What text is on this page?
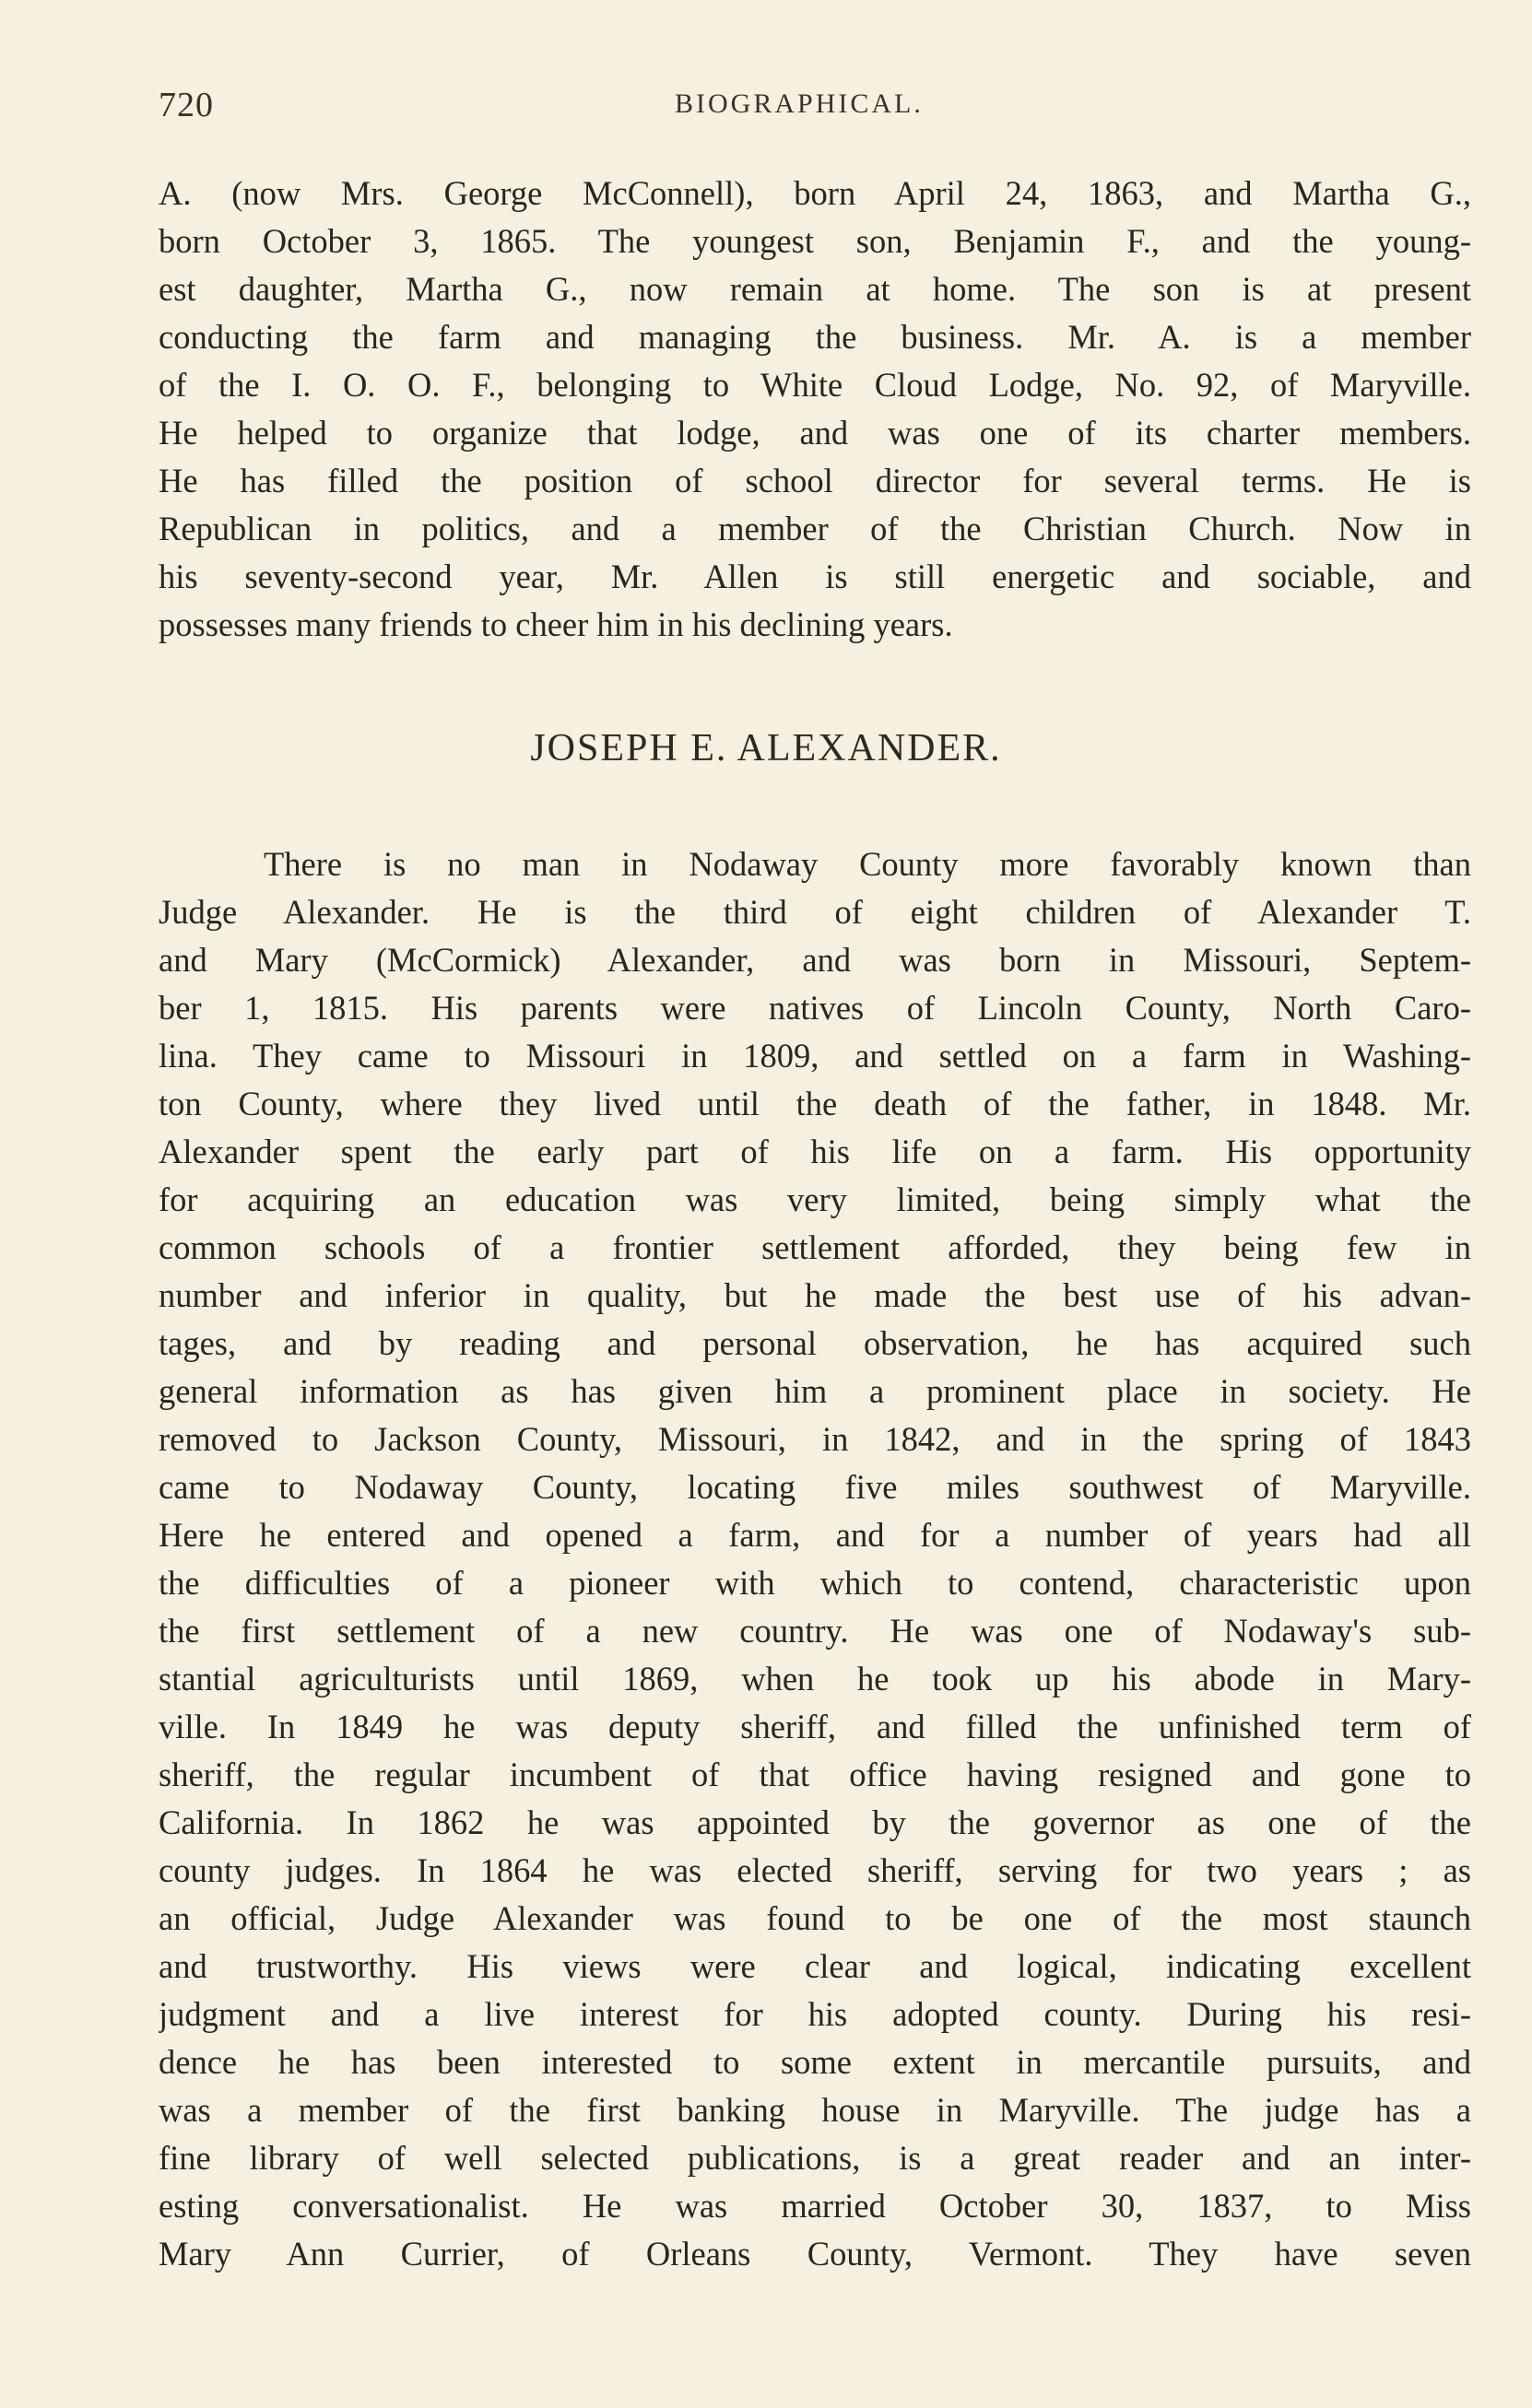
720	BIOGRAPHICAL.
A. (now Mrs. George McConnell), born April 24, 1863, and Martha G.,
born October 3, 1865. The youngest son, Benjamin F., and the young-
est daughter, Martha G., now remain at home. The son is at present
conducting the farm and managing the business. Mr. A. is a member
of the I. O. O. F., belonging to White Cloud Lodge, No. 92, of Maryville.
He helped to organize that lodge, and was one of its charter members.
He has filled the position of school director for several terms. He is
Republican in politics, and a member of the Christian Church. Now in
his seventy-second year, Mr. Allen is still energetic and sociable, and
possesses many friends to cheer him in his declining years.
JOSEPH E. ALEXANDER.
There is no man in Nodaway County more favorably known than
Judge Alexander. He is the third of eight children of Alexander T.
and Mary (McCormick) Alexander, and was born in Missouri, Septem-
ber 1, 1815. His parents were natives of Lincoln County, North Caro-
lina. They came to Missouri in 1809, and settled on a farm in Washing-
ton County, where they lived until the death of the father, in 1848. Mr.
Alexander spent the early part of his life on a farm. His opportunity
for acquiring an education was very limited, being simply what the
common schools of a frontier settlement afforded, they being few in
number and inferior in quality, but he made the best use of his advan-
tages, and by reading and personal observation, he has acquired such
general information as has given him a prominent place in society. He
removed to Jackson County, Missouri, in 1842, and in the spring of 1843
came to Nodaway County, locating five miles southwest of Maryville.
Here he entered and opened a farm, and for a number of years had all
the difficulties of a pioneer with which to contend, characteristic upon
the first settlement of a new country. He was one of Nodaway's sub-
stantial agriculturists until 1869, when he took up his abode in Mary-
ville. In 1849 he was deputy sheriff, and filled the unfinished term of
sheriff, the regular incumbent of that office having resigned and gone to
California. In 1862 he was appointed by the governor as one of the
county judges. In 1864 he was elected sheriff, serving for two years ; as
an official, Judge Alexander was found to be one of the most staunch
and trustworthy. His views were clear and logical, indicating excellent
judgment and a live interest for his adopted county. During his resi-
dence he has been interested to some extent in mercantile pursuits, and
was a member of the first banking house in Maryville. The judge has a
fine library of well selected publications, is a great reader and an inter-
esting conversationalist. He was married October 30, 1837, to Miss
Mary Ann Currier, of Orleans County, Vermont. They have seven
